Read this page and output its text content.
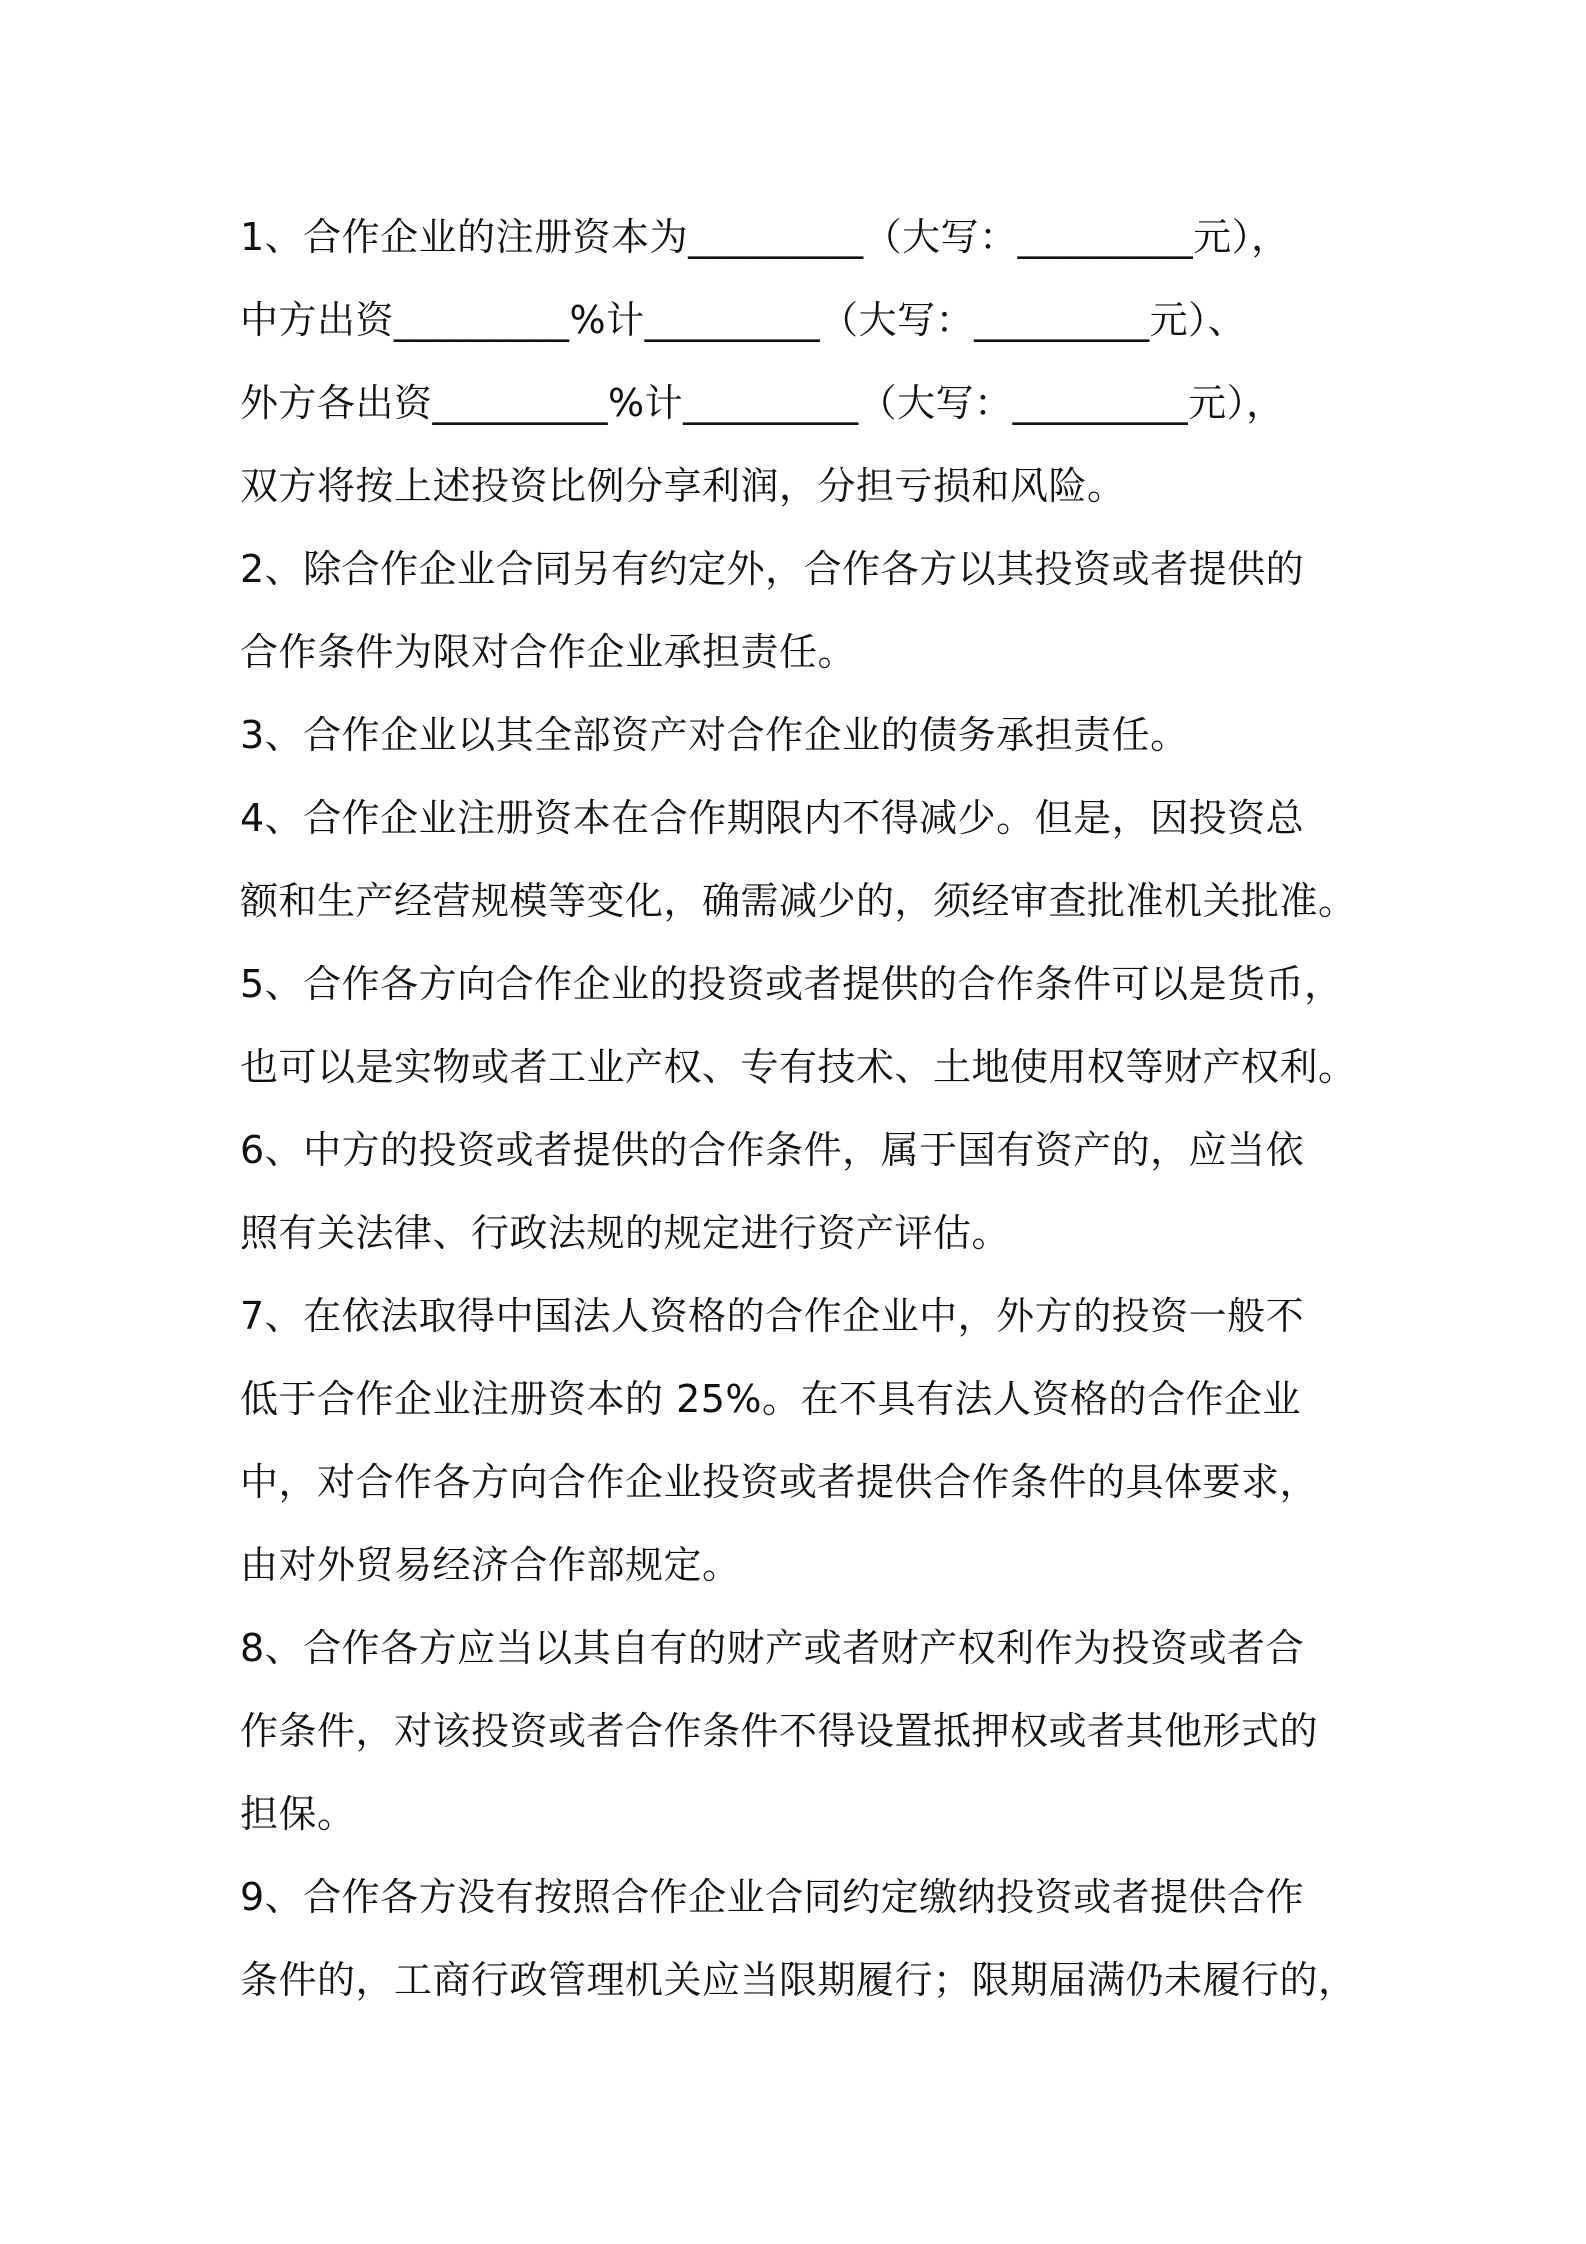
1、合作企业的注册资本为_________（大写：_________元），
中方出资_________%计_________（大写：_________元）、
外方各出资_________%计_________（大写：_________元），
双方将按上述投资比例分享利润，分担亏损和风险。
2、除合作企业合同另有约定外，合作各方以其投资或者提供的
合作条件为限对合作企业承担责任。
3、合作企业以其全部资产对合作企业的债务承担责任。
4、合作企业注册资本在合作期限内不得减少。但是，因投资总
额和生产经营规模等变化，确需减少的，须经审查批准机关批准。
5、合作各方向合作企业的投资或者提供的合作条件可以是货币，
也可以是实物或者工业产权、专有技术、土地使用权等财产权利。
6、中方的投资或者提供的合作条件，属于国有资产的，应当依
照有关法律、行政法规的规定进行资产评估。
7、在依法取得中国法人资格的合作企业中，外方的投资一般不
低于合作企业注册资本的 25%。在不具有法人资格的合作企业
中，对合作各方向合作企业投资或者提供合作条件的具体要求，
由对外贸易经济合作部规定。
8、合作各方应当以其自有的财产或者财产权利作为投资或者合
作条件，对该投资或者合作条件不得设置抵押权或者其他形式的
担保。
9、合作各方没有按照合作企业合同约定缴纳投资或者提供合作
条件的，工商行政管理机关应当限期履行；限期届满仍未履行的，
